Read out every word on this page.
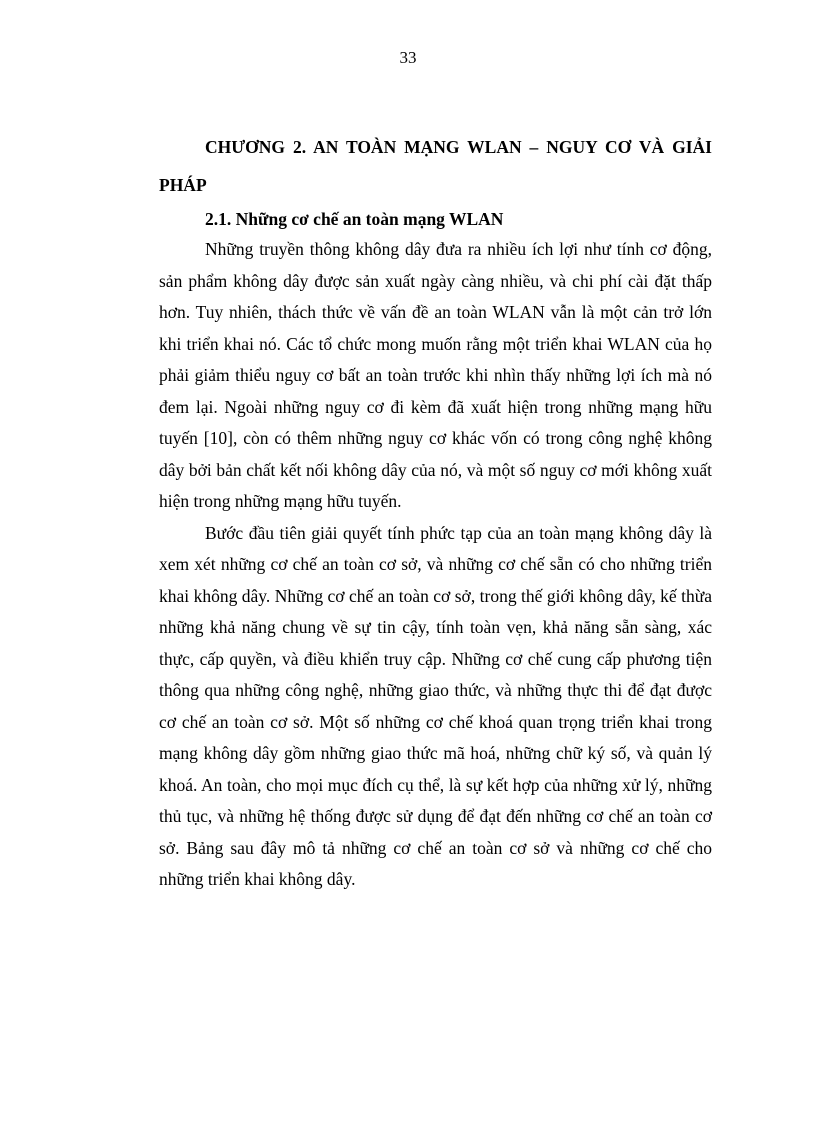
33
CHƯƠNG 2. AN TOÀN MẠNG WLAN – NGUY CƠ VÀ GIẢI PHÁP
2.1. Những cơ chế an toàn mạng WLAN

Những truyền thông không dây đưa ra nhiều ích lợi như tính cơ động, sản phẩm không dây được sản xuất ngày càng nhiều, và chi phí cài đặt thấp hơn. Tuy nhiên, thách thức về vấn đề an toàn WLAN vẫn là một cản trở lớn khi triển khai nó. Các tổ chức mong muốn rằng một triển khai WLAN của họ phải giảm thiểu nguy cơ bất an toàn trước khi nhìn thấy những lợi ích mà nó đem lại. Ngoài những nguy cơ đi kèm đã xuất hiện trong những mạng hữu tuyến [10], còn có thêm những nguy cơ khác vốn có trong công nghệ không dây bởi bản chất kết nối không dây của nó, và một số nguy cơ mới không xuất hiện trong những mạng hữu tuyến.

Bước đầu tiên giải quyết tính phức tạp của an toàn mạng không dây là xem xét những cơ chế an toàn cơ sở, và những cơ chế sẵn có cho những triển khai không dây. Những cơ chế an toàn cơ sở, trong thế giới không dây, kế thừa những khả năng chung về sự tin cậy, tính toàn vẹn, khả năng sẵn sàng, xác thực, cấp quyền, và điều khiển truy cập. Những cơ chế cung cấp phương tiện thông qua những công nghệ, những giao thức, và những thực thi để đạt được cơ chế an toàn cơ sở. Một số những cơ chế khoá quan trọng triển khai trong mạng không dây gồm những giao thức mã hoá, những chữ ký số, và quản lý khoá. An toàn, cho mọi mục đích cụ thể, là sự kết hợp của những xử lý, những thủ tục, và những hệ thống được sử dụng để đạt đến những cơ chế an toàn cơ sở. Bảng sau đây mô tả những cơ chế an toàn cơ sở và những cơ chế cho những triển khai không dây.
